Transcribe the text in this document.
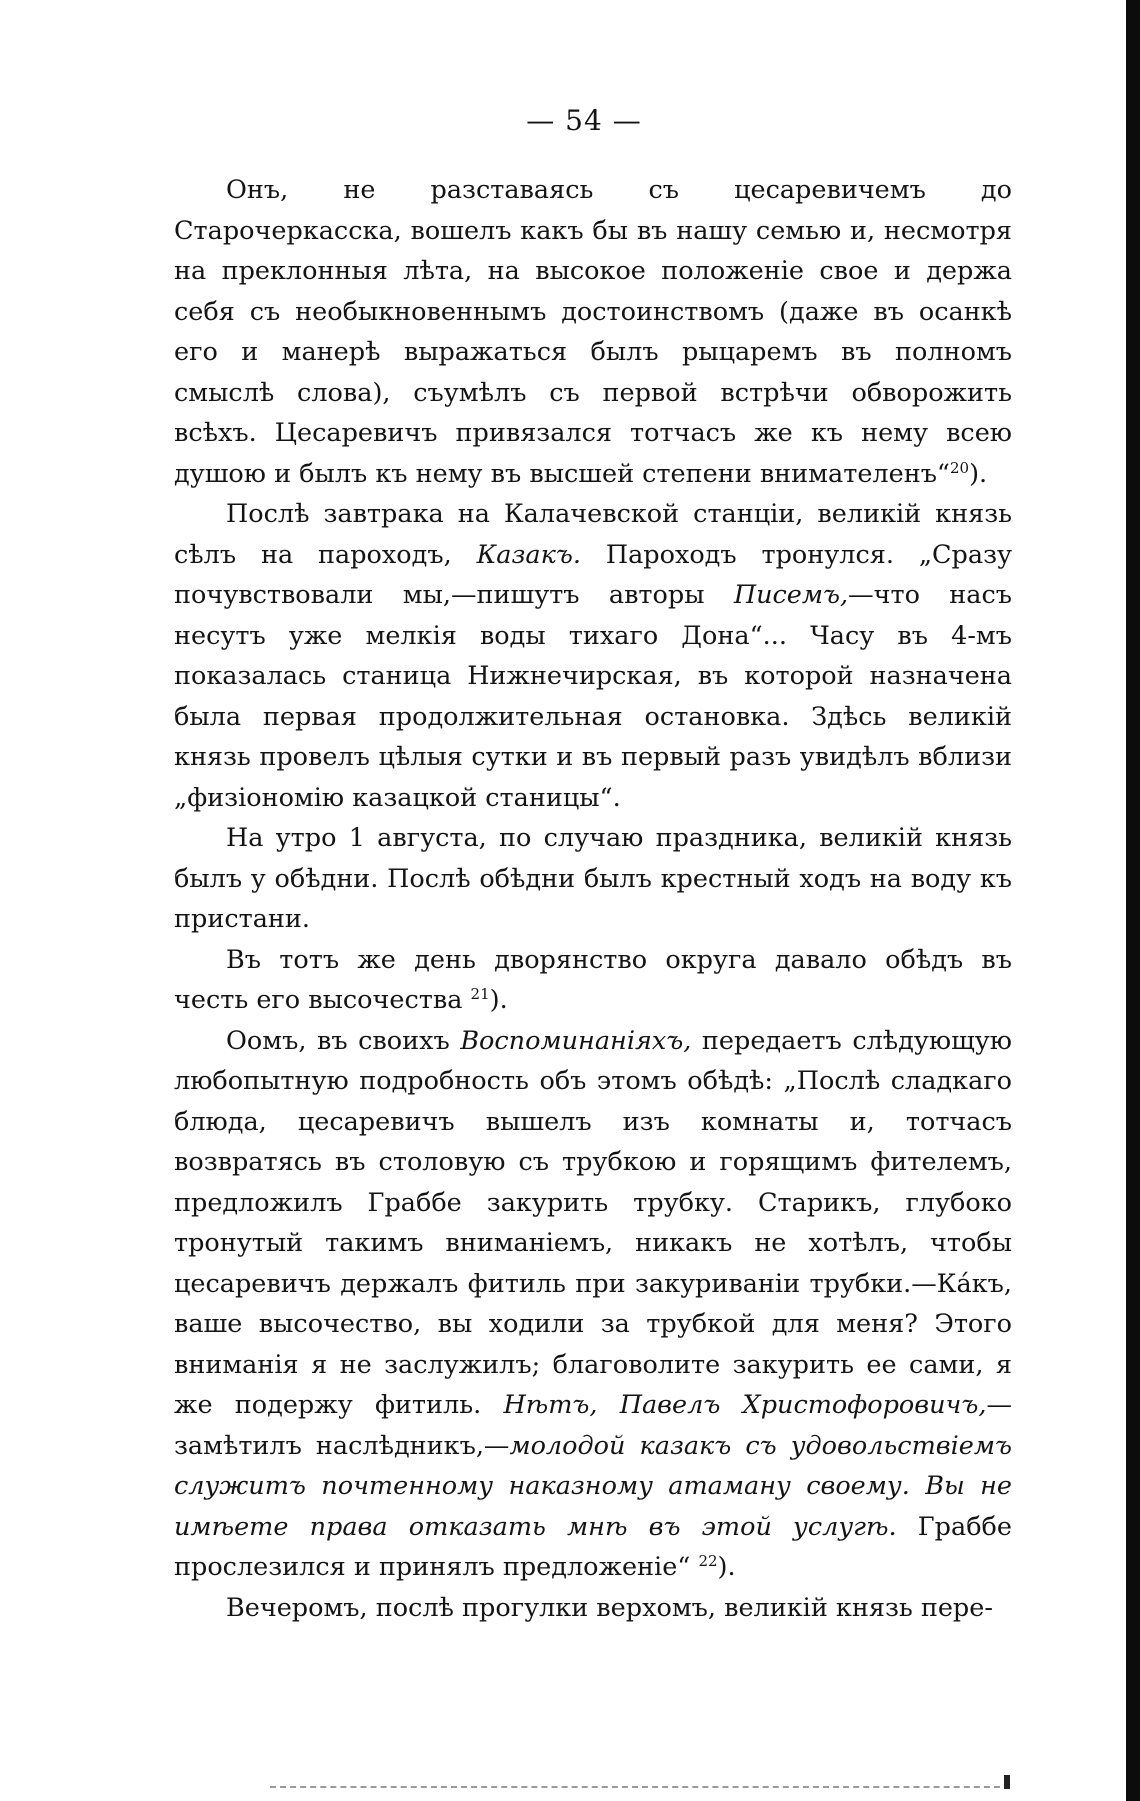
— 54 —

Онъ, не разставаясь съ цесаревичемъ до Старочеркасска, вошелъ какъ бы въ нашу семью и, несмотря на преклонныя лѣта, на высокое положеніе свое и держа себя съ необыкновеннымъ достоинствомъ (даже въ осанкѣ его и манерѣ выражаться былъ рыцаремъ въ полномъ смыслѣ слова), съумѣлъ съ первой встрѣчи обворожить всѣхъ. Цесаревичъ привязался тотчасъ же къ нему всею душою и былъ къ нему въ высшей степени внимателенъ“$^{20}$).

Послѣ завтрака на Калачевской станціи, великій князь сѣлъ на пароходъ, Казакъ. Пароходъ тронулся. „Сразу почувствовали мы,—пишутъ авторы Писемъ,—что насъ несутъ уже мелкія воды тихаго Дона“... Часу въ 4-мъ показалась станица Нижнечирская, въ которой назначена была первая продолжительная остановка. Здѣсь великій князь провелъ цѣлыя сутки и въ первый разъ увидѣлъ вблизи „физіономію казацкой станицы“.

На утро 1 августа, по случаю праздника, великій князь былъ у обѣдни. Послѣ обѣдни былъ крестный ходъ на воду къ пристани.

Въ тотъ же день дворянство округа давало обѣдъ въ честь его высочества $^{21}$).

Оомъ, въ своихъ Воспоминаніяхъ, передаетъ слѣдующую любопытную подробность объ этомъ обѣдѣ: „Послѣ сладкаго блюда, цесаревичъ вышелъ изъ комнаты и, тотчасъ возвратясь въ столовую съ трубкою и горящимъ фителемъ, предложилъ Граббе закурить трубку. Старикъ, глубоко тронутый такимъ вниманіемъ, никакъ не хотѣлъ, чтобы цесаревичъ держалъ фитиль при закуриваніи трубки.—Ка́къ, ваше высочество, вы ходили за трубкой для меня? Этого вниманія я не заслужилъ; благоволите закурить ее сами, я же подержу фитиль. Нѣтъ, Павелъ Христофоровичъ,—замѣтилъ наслѣдникъ,—молодой казакъ съ удовольствіемъ служитъ почтенному наказному атаману своему. Вы не имѣете права отказать мнѣ въ этой услугѣ. Граббе прослезился и принялъ предложеніе“ $^{22}$).

Вечеромъ, послѣ прогулки верхомъ, великій князь пере-
